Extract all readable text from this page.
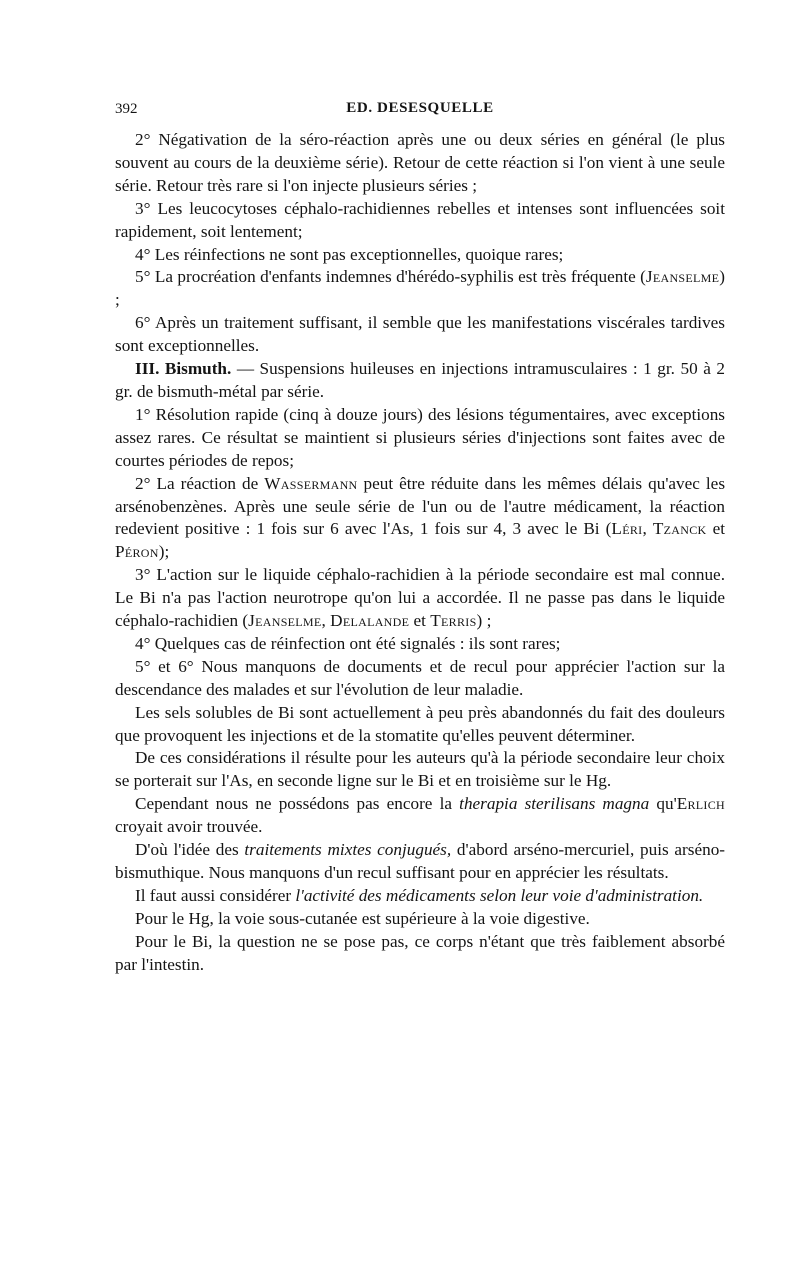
392	ED. DESESQUELLE

2° Négativation de la séro-réaction après une ou deux séries en général (le plus souvent au cours de la deuxième série). Retour de cette réaction si l'on vient à une seule série. Retour très rare si l'on injecte plusieurs séries ;

3° Les leucocytoses céphalo-rachidiennes rebelles et intenses sont influencées soit rapidement, soit lentement;

4° Les réinfections ne sont pas exceptionnelles, quoique rares;

5° La procréation d'enfants indemnes d'hérédo-syphilis est très fréquente (Jeanselme) ;

6° Après un traitement suffisant, il semble que les manifestations viscérales tardives sont exceptionnelles.

III. Bismuth. — Suspensions huileuses en injections intramusculaires : 1 gr. 50 à 2 gr. de bismuth-métal par série.

1° Résolution rapide (cinq à douze jours) des lésions tégumentaires, avec exceptions assez rares. Ce résultat se maintient si plusieurs séries d'injections sont faites avec de courtes périodes de repos;

2° La réaction de Wassermann peut être réduite dans les mêmes délais qu'avec les arsénobenzènes. Après une seule série de l'un ou de l'autre médicament, la réaction redevient positive : 1 fois sur 6 avec l'As, 1 fois sur 4, 3 avec le Bi (Léri, Tzanck et Péron);

3° L'action sur le liquide céphalo-rachidien à la période secondaire est mal connue. Le Bi n'a pas l'action neurotrope qu'on lui a accordée. Il ne passe pas dans le liquide céphalo-rachidien (Jeanselme, Delalande et Terris) ;

4° Quelques cas de réinfection ont été signalés : ils sont rares;

5° et 6° Nous manquons de documents et de recul pour apprécier l'action sur la descendance des malades et sur l'évolution de leur maladie.

Les sels solubles de Bi sont actuellement à peu près abandonnés du fait des douleurs que provoquent les injections et de la stomatite qu'elles peuvent déterminer.

De ces considérations il résulte pour les auteurs qu'à la période secondaire leur choix se porterait sur l'As, en seconde ligne sur le Bi et en troisième sur le Hg.

Cependant nous ne possédons pas encore la therapia sterilisans magna qu'Erlich croyait avoir trouvée.

D'où l'idée des traitements mixtes conjugués, d'abord arséno-mercuriel, puis arséno-bismuthique. Nous manquons d'un recul suffisant pour en apprécier les résultats.

Il faut aussi considérer l'activité des médicaments selon leur voie d'administration.

Pour le Hg, la voie sous-cutanée est supérieure à la voie digestive.

Pour le Bi, la question ne se pose pas, ce corps n'étant que très faiblement absorbé par l'intestin.
